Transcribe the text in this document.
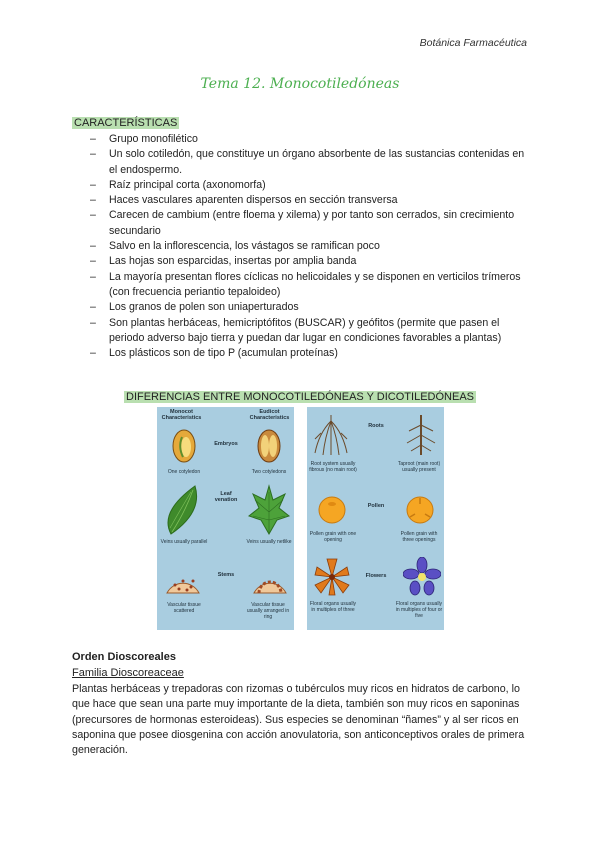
Botánica Farmacéutica
Tema 12. Monocotiledóneas
CARACTERÍSTICAS
– Grupo monofilético
– Un solo cotiledón, que constituye un órgano absorbente de las sustancias contenidas en el endospermo.
– Raíz principal corta (axonomorfa)
– Haces vasculares aparenten dispersos en sección transversa
– Carecen de cambium (entre floema y xilema) y por tanto son cerrados, sin crecimiento secundario
– Salvo en la inflorescencia, los vástagos se ramifican poco
– Las hojas son esparcidas, insertas por amplia banda
– La mayoría presentan flores cíclicas no helicoidales y se disponen en verticilos trímeros (con frecuencia periantio tepaloideo)
– Los granos de polen son uniaperturados
– Son plantas herbáceas, hemicriptófitos (BUSCAR) y geófitos (permite que pasen el periodo adverso bajo tierra y puedan dar lugar en condiciones favorables a plantas)
– Los plásticos son de tipo P (acumulan proteínas)
DIFERENCIAS ENTRE MONOCOTILEDÓNEAS Y DICOTILEDÓNEAS
Monocot Characteristics
Eudicot Characteristics
Embryos
Leaf venation
Stems
One cotyledon	Two cotyledons
Veins usually parallel	Veins usually netlike
Vascular tissue scattered
Vascular tissue usually arranged in ring
Roots
Pollen
Flowers
Root system usually fibrous (no main root)
Taproot (main root) usually present
Pollen grain with one opening
Pollen grain with three openings
Floral organs usually in multiples of three
Floral organs usually in multiples of four or five
Orden Dioscoreales
Familia Dioscoreaceae
Plantas herbáceas y trepadoras con rizomas o tubérculos muy ricos en hidratos de carbono, lo que hace que sean una parte muy importante de la dieta, también son muy ricos en saponinas (precursores de hormonas esteroideas). Sus especies se denominan “ñames” y al ser ricos en saponina que posee diosgenina con acción anovulatoria, son anticonceptivos orales de primera generación.
